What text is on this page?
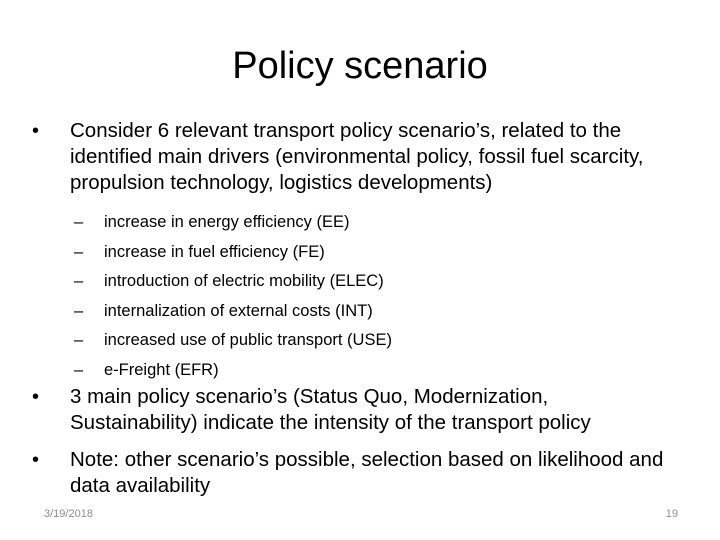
Policy scenario
• Consider 6 relevant transport policy scenario’s, related to the identified main drivers (environmental policy, fossil fuel scarcity, propulsion technology, logistics developments)
– increase in energy efficiency (EE)
– increase in fuel efficiency (FE)
– introduction of electric mobility (ELEC)
– internalization of external costs (INT)
– increased use of public transport (USE)
– e-Freight (EFR)
• 3 main policy scenario’s (Status Quo, Modernization, Sustainability) indicate the intensity of the transport policy
• Note: other scenario’s possible, selection based on likelihood and data availability
3/19/2018	19
